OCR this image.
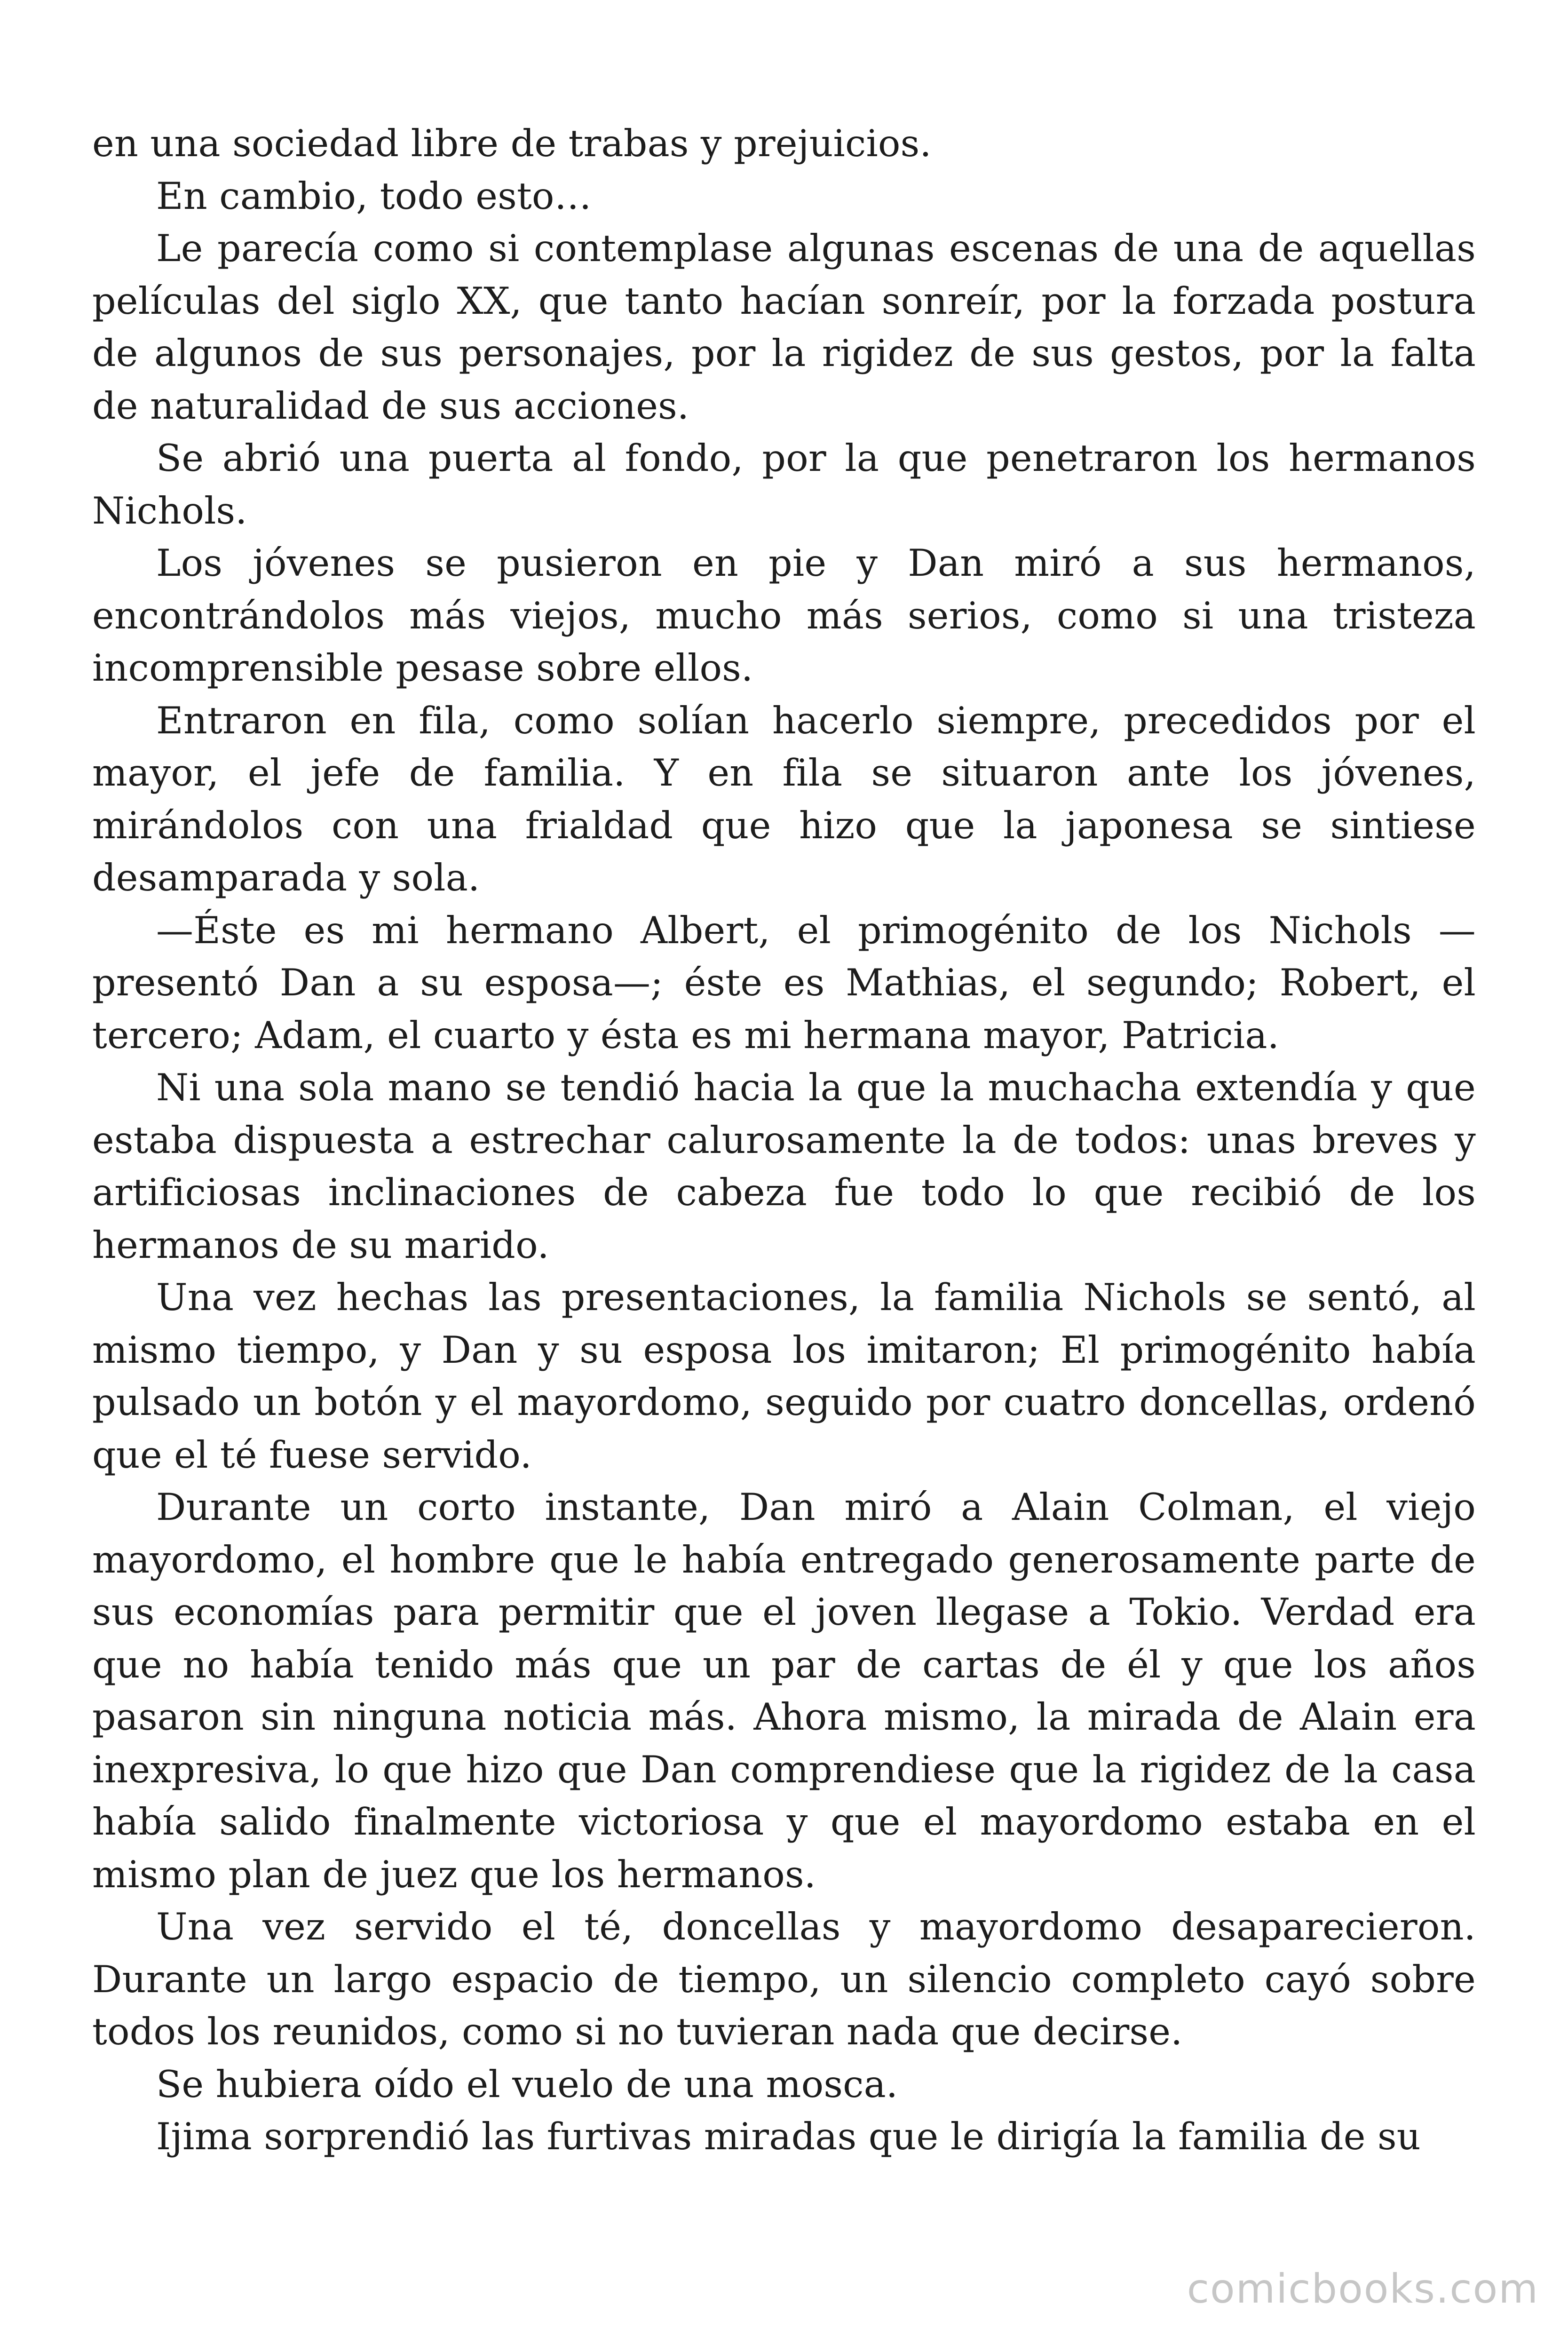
en una sociedad libre de trabas y prejuicios.

En cambio, todo esto…

Le parecía como si contemplase algunas escenas de una de aquellas películas del siglo XX, que tanto hacían sonreír, por la forzada postura de algunos de sus personajes, por la rigidez de sus gestos, por la falta de naturalidad de sus acciones.

Se abrió una puerta al fondo, por la que penetraron los hermanos Nichols.

Los jóvenes se pusieron en pie y Dan miró a sus hermanos, encontrándolos más viejos, mucho más serios, como si una tristeza incomprensible pesase sobre ellos.

Entraron en fila, como solían hacerlo siempre, precedidos por el mayor, el jefe de familia. Y en fila se situaron ante los jóvenes, mirándolos con una frialdad que hizo que la japonesa se sintiese desamparada y sola.

—Éste es mi hermano Albert, el primogénito de los Nichols — presentó Dan a su esposa—; éste es Mathias, el segundo; Robert, el tercero; Adam, el cuarto y ésta es mi hermana mayor, Patricia.

Ni una sola mano se tendió hacia la que la muchacha extendía y que estaba dispuesta a estrechar calurosamente la de todos: unas breves y artificiosas inclinaciones de cabeza fue todo lo que recibió de los hermanos de su marido.

Una vez hechas las presentaciones, la familia Nichols se sentó, al mismo tiempo, y Dan y su esposa los imitaron; El primogénito había pulsado un botón y el mayordomo, seguido por cuatro doncellas, ordenó que el té fuese servido.

Durante un corto instante, Dan miró a Alain Colman, el viejo mayordomo, el hombre que le había entregado generosamente parte de sus economías para permitir que el joven llegase a Tokio. Verdad era que no había tenido más que un par de cartas de él y que los años pasaron sin ninguna noticia más. Ahora mismo, la mirada de Alain era inexpresiva, lo que hizo que Dan comprendiese que la rigidez de la casa había salido finalmente victoriosa y que el mayordomo estaba en el mismo plan de juez que los hermanos.

Una vez servido el té, doncellas y mayordomo desaparecieron. Durante un largo espacio de tiempo, un silencio completo cayó sobre todos los reunidos, como si no tuvieran nada que decirse.

Se hubiera oído el vuelo de una mosca.

Ijima sorprendió las furtivas miradas que le dirigía la familia de su

comicbooks.com
